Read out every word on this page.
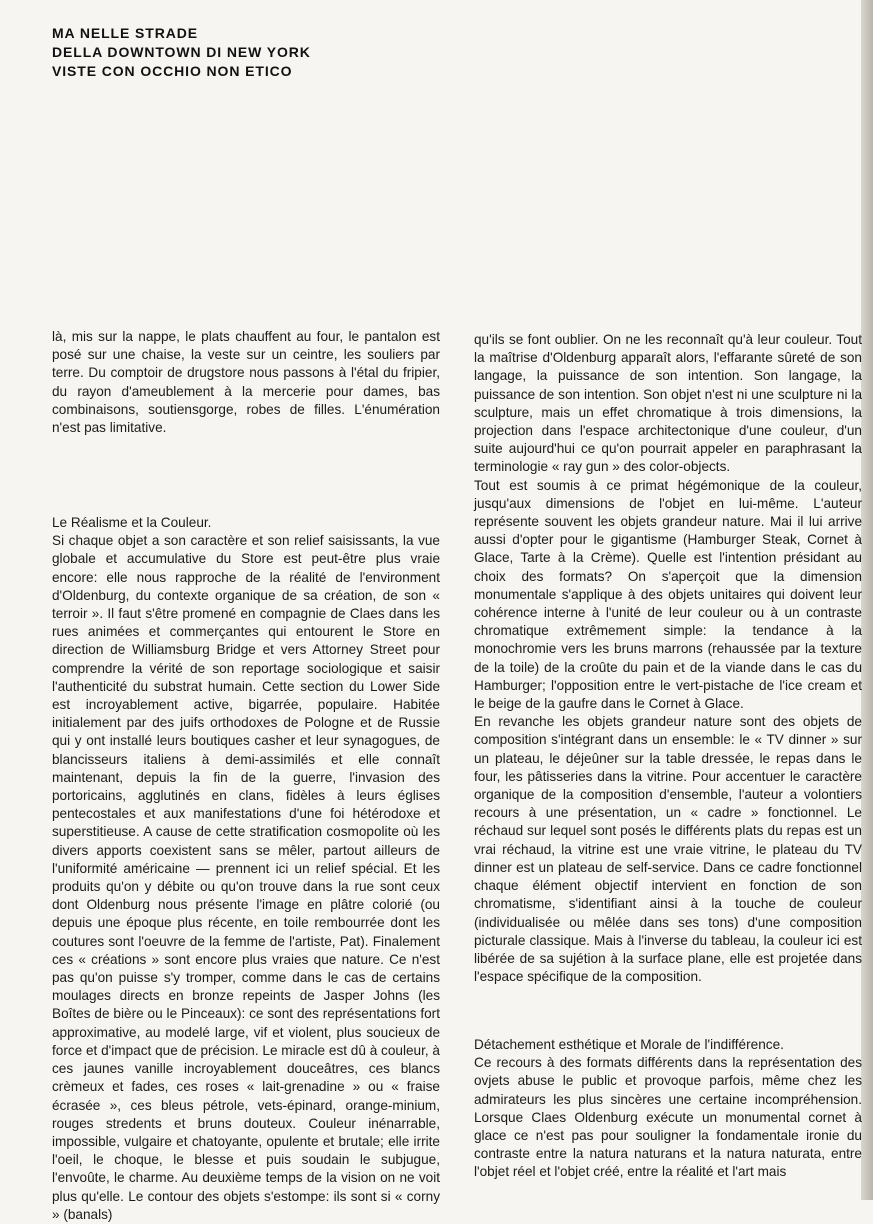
MA NELLE STRADE
DELLA DOWNTOWN DI NEW YORK
VISTE CON OCCHIO NON ETICO

là, mis sur la nappe, le plats chauffent au four, le pantalon est posé sur une chaise, la veste sur un ceintre, les souliers par terre. Du comptoir de drugstore nous passons à l'étal du fripier, du rayon d'ameublement à la mercerie pour dames, bas combinaisons, soutiensgorge, robes de filles. L'énumération n'est pas limitative.

Le Réalisme et la Couleur.

Si chaque objet a son caractère et son relief saisissants, la vue globale et accumulative du Store est peut-être plus vraie encore: elle nous rapproche de la réalité de l'environment d'Oldenburg, du contexte organique de sa création, de son « terroir ». Il faut s'être promené en compagnie de Claes dans les rues animées et commerçantes qui entourent le Store en direction de Williamsburg Bridge et vers Attorney Street pour comprendre la vérité de son reportage sociologique et saisir l'authenticité du substrat humain. Cette section du Lower Side est incroyablement active, bigarrée, populaire. Habitée initialement par des juifs orthodoxes de Pologne et de Russie qui y ont installé leurs boutiques casher et leur synagogues, de blancisseurs italiens à demi-assimilés et elle connaît maintenant, depuis la fin de la guerre, l'invasion des portoricains, agglutinés en clans, fidèles à leurs églises pentecostales et aux manifestations d'une foi hétérodoxe et superstitieuse. A cause de cette stratification cosmopolite où les divers apports coexistent sans se mêler, partout ailleurs de l'uniformité américaine — prennent ici un relief spécial. Et les produits qu'on y débite ou qu'on trouve dans la rue sont ceux dont Oldenburg nous présente l'image en plâtre colorié (ou depuis une époque plus récente, en toile rembourrée dont les coutures sont l'oeuvre de la femme de l'artiste, Pat). Finalement ces « créations » sont encore plus vraies que nature. Ce n'est pas qu'on puisse s'y tromper, comme dans le cas de certains moulages directs en bronze repeints de Jasper Johns (les Boîtes de bière ou le Pinceaux): ce sont des représentations fort approximative, au modelé large, vif et violent, plus soucieux de force et d'impact que de précision. Le miracle est dû à couleur, à ces jaunes vanille incroyablement douceâtres, ces blancs crèmeux et fades, ces roses « lait-grenadine » ou « fraise écrasée », ces bleus pétrole, vets-épinard, orange-minium, rouges stredents et bruns douteux. Couleur inénarrable, impossible, vulgaire et chatoyante, opulente et brutale; elle irrite l'oeil, le choque, le blesse et puis soudain le subjugue, l'envoûte, le charme. Au deuxième temps de la vision on ne voit plus qu'elle. Le contour des objets s'estompe: ils sont si « corny » (banals)

qu'ils se font oublier. On ne les reconnaît qu'à leur couleur. Tout la maîtrise d'Oldenburg apparaît alors, l'effarante sûreté de son langage, la puissance de son intention. Son langage, la puissance de son intention. Son objet n'est ni une sculpture ni la sculpture, mais un effet chromatique à trois dimensions, la projection dans l'espace architectonique d'une couleur, d'un suite aujourd'hui ce qu'on pourrait appeler en paraphrasant la terminologie « ray gun » des color-objects.

Tout est soumis à ce primat hégémonique de la couleur, jusqu'aux dimensions de l'objet en lui-même. L'auteur représente souvent les objets grandeur nature. Mai il lui arrive aussi d'opter pour le gigantisme (Hamburger Steak, Cornet à Glace, Tarte à la Crème). Quelle est l'intention présidant au choix des formats? On s'aperçoit que la dimension monumentale s'applique à des objets unitaires qui doivent leur cohérence interne à l'unité de leur couleur ou à un contraste chromatique extrêmement simple: la tendance à la monochromie vers les bruns marrons (rehaussée par la texture de la toile) de la croûte du pain et de la viande dans le cas du Hamburger; l'opposition entre le vert-pistache de l'ice cream et le beige de la gaufre dans le Cornet à Glace.

En revanche les objets grandeur nature sont des objets de composition s'intégrant dans un ensemble: le « TV dinner » sur un plateau, le déjeûner sur la table dressée, le repas dans le four, les pâtisseries dans la vitrine. Pour accentuer le caractère organique de la composition d'ensemble, l'auteur a volontiers recours à une présentation, un « cadre » fonctionnel. Le réchaud sur lequel sont posés le différents plats du repas est un vrai réchaud, la vitrine est une vraie vitrine, le plateau du TV dinner est un plateau de self-service. Dans ce cadre fonctionnel chaque élément objectif intervient en fonction de son chromatisme, s'identifiant ainsi à la touche de couleur (individualisée ou mêlée dans ses tons) d'une composition picturale classique. Mais à l'inverse du tableau, la couleur ici est libérée de sa sujétion à la surface plane, elle est projetée dans l'espace spécifique de la composition.

Détachement esthétique et Morale de l'indifférence.

Ce recours à des formats différents dans la représentation des ovjets abuse le public et provoque parfois, même chez les admirateurs les plus sincères une certaine incompréhension. Lorsque Claes Oldenburg exécute un monumental cornet à glace ce n'est pas pour souligner la fondamentale ironie du contraste entre la natura naturans et la natura naturata, entre l'objet réel et l'objet créé, entre la réalité et l'art mais
